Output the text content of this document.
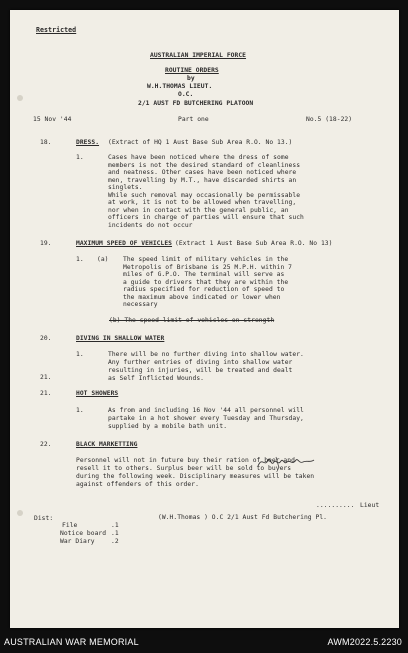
Restricted
AUSTRALIAN IMPERIAL FORCE
ROUTINE ORDERS
by
W.H.THOMAS LIEUT.
O.C.
2/1 AUST FD BUTCHERING PLATOON
15 Nov '44	Part one	No.5 (18-22)
18.	DRESS. (Extract of HQ 1 Aust Base Sub Area R.O. No 13.)
1.	Cases have been noticed where the dress of some
members is not the desired standard of cleanliness
and neatness. Other cases have been noticed where
men, travelling by M.T., have discarded shirts an
singlets.
While such removal may occasionally be permissable
at work, it is not to be allowed when travelling,
nor when in contact with the general public, an
officers in charge of parties will ensure that such
incidents do not occur
19.	MAXIMUM SPEED OF VEHICLES (Extract 1 Aust Base Sub Area R.O. No 13)
1. (a) The speed limit of military vehicles in the
Metropolis of Brisbane is 25 M.P.H. within 7
miles of G.P.O. The terminal will serve as
a guide to drivers that they are within the
radius specified for reduction of speed to
the maximum above indicated or lower when
necessary
(b) The speed limit of vehicles on strength
20.	DIVING IN SHALLOW WATER
1.	There will be no further diving into shallow water.
Any further entries of diving into shallow water
resulting in injuries, will be treated and dealt
21.	as Self Inflicted Wounds.
21.	HOT SHOWERS
1.	As from and including 16 Nov '44 all personnel will
partake in a hot shower every Tuesday and Thursday,
supplied by a mobile bath unit.
22.	BLACK MARKETTING
Personnel will not in future buy their ration of beer and
resell it to others. Surplus beer will be sold to buyers
during the following week. Disciplinary measures will be taken
against offenders of this order.
.......... Lieut
Dist:
File	.1
Notice board .1
War Diary	.2
(W.H.Thomas ) O.C 2/1 Aust Fd Butchering Pl.
AUSTRALIAN WAR MEMORIAL	AWM2022.5.2230
